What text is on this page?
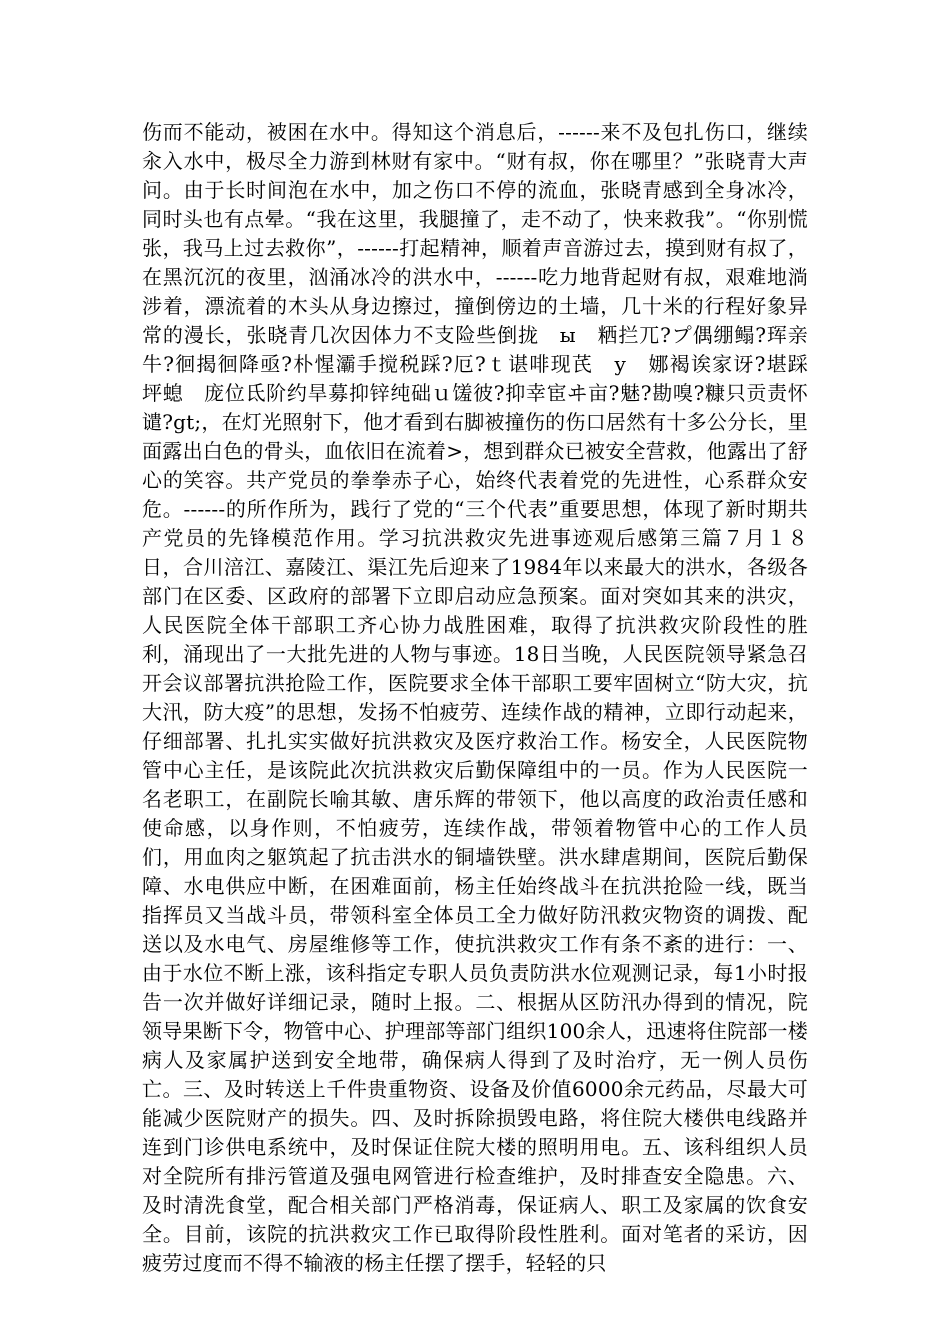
伤而不能动，被困在水中。得知这个消息后，------来不及包扎伤口，继续汆入水中，极尽全力游到林财有家中。“财有叔，你在哪里？”张晓青大声问。由于长时间泡在水中，加之伤口不停的流血，张晓青感到全身冰冷，同时头也有点晕。“我在这里，我腿撞了，走不动了，快来救我”。“你别慌张，我马上过去救你”，------打起精神，顺着声音游过去，摸到财有叔了，在黑沉沉的夜里，汹涌冰冷的洪水中，------吃力地背起财有叔，艰难地淌涉着，漂流着的木头从身边擦过，撞倒傍边的土墙，几十米的行程好象异常的漫长，张晓青几次因体力不支险些倒拢　ы　粞拦兀?プ偶绷鳎?珲亲牛?徊揭徊降亟?朴惺灞手搅税踩?厄?ｔ谌啡现芪　у　娜褐诶家讶?堪踩　坪螅　庞位氐阶约旱募抑锌纯础ｕ馐彼?抑幸宦ヰ亩?魅?勘嗅?糠只贡责怀谴?gt;，在灯光照射下，他才看到右脚被撞伤的伤口居然有十多公分长，里面露出白色的骨头，血依旧在流着>，想到群众已被安全营救，他露出了舒心的笑容。共产党员的拳拳赤子心，始终代表着党的先进性，心系群众安危。------的所作所为，践行了党的“三个代表”重要思想，体现了新时期共产党员的先锋模范作用。学习抗洪救灾先进事迹观后感第三篇７月１８日，合川涪江、嘉陵江、渠江先后迎来了1984年以来最大的洪水，各级各部门在区委、区政府的部署下立即启动应急预案。面对突如其来的洪灾，人民医院全体干部职工齐心协力战胜困难，取得了抗洪救灾阶段性的胜利，涌现出了一大批先进的人物与事迹。18日当晚，人民医院领导紧急召开会议部署抗洪抢险工作，医院要求全体干部职工要牢固树立“防大灾，抗大汛，防大疫”的思想，发扬不怕疲劳、连续作战的精神，立即行动起来，仔细部署、扎扎实实做好抗洪救灾及医疗救治工作。杨安全，人民医院物管中心主任，是该院此次抗洪救灾后勤保障组中的一员。作为人民医院一名老职工，在副院长喻其敏、唐乐辉的带领下，他以高度的政治责任感和使命感，以身作则，不怕疲劳，连续作战，带领着物管中心的工作人员们，用血肉之躯筑起了抗击洪水的铜墙铁壁。洪水肆虐期间，医院后勤保障、水电供应中断，在困难面前，杨主任始终战斗在抗洪抢险一线，既当指挥员又当战斗员，带领科室全体员工全力做好防汛救灾物资的调拨、配送以及水电气、房屋维修等工作，使抗洪救灾工作有条不紊的进行：一、由于水位不断上涨，该科指定专职人员负责防洪水位观测记录，每1小时报告一次并做好详细记录，随时上报。二、根据从区防汛办得到的情况，院领导果断下令，物管中心、护理部等部门组织100余人，迅速将住院部一楼病人及家属护送到安全地带，确保病人得到了及时治疗，无一例人员伤亡。三、及时转送上千件贵重物资、设备及价值6000余元药品，尽最大可能减少医院财产的损失。四、及时拆除损毁电路，将住院大楼供电线路并连到门诊供电系统中，及时保证住院大楼的照明用电。五、该科组织人员对全院所有排污管道及强电网管进行检查维护，及时排查安全隐患。六、及时清洗食堂，配合相关部门严格消毒，保证病人、职工及家属的饮食安全。目前，该院的抗洪救灾工作已取得阶段性胜利。面对笔者的采访，因疲劳过度而不得不输液的杨主任摆了摆手，轻轻的只
